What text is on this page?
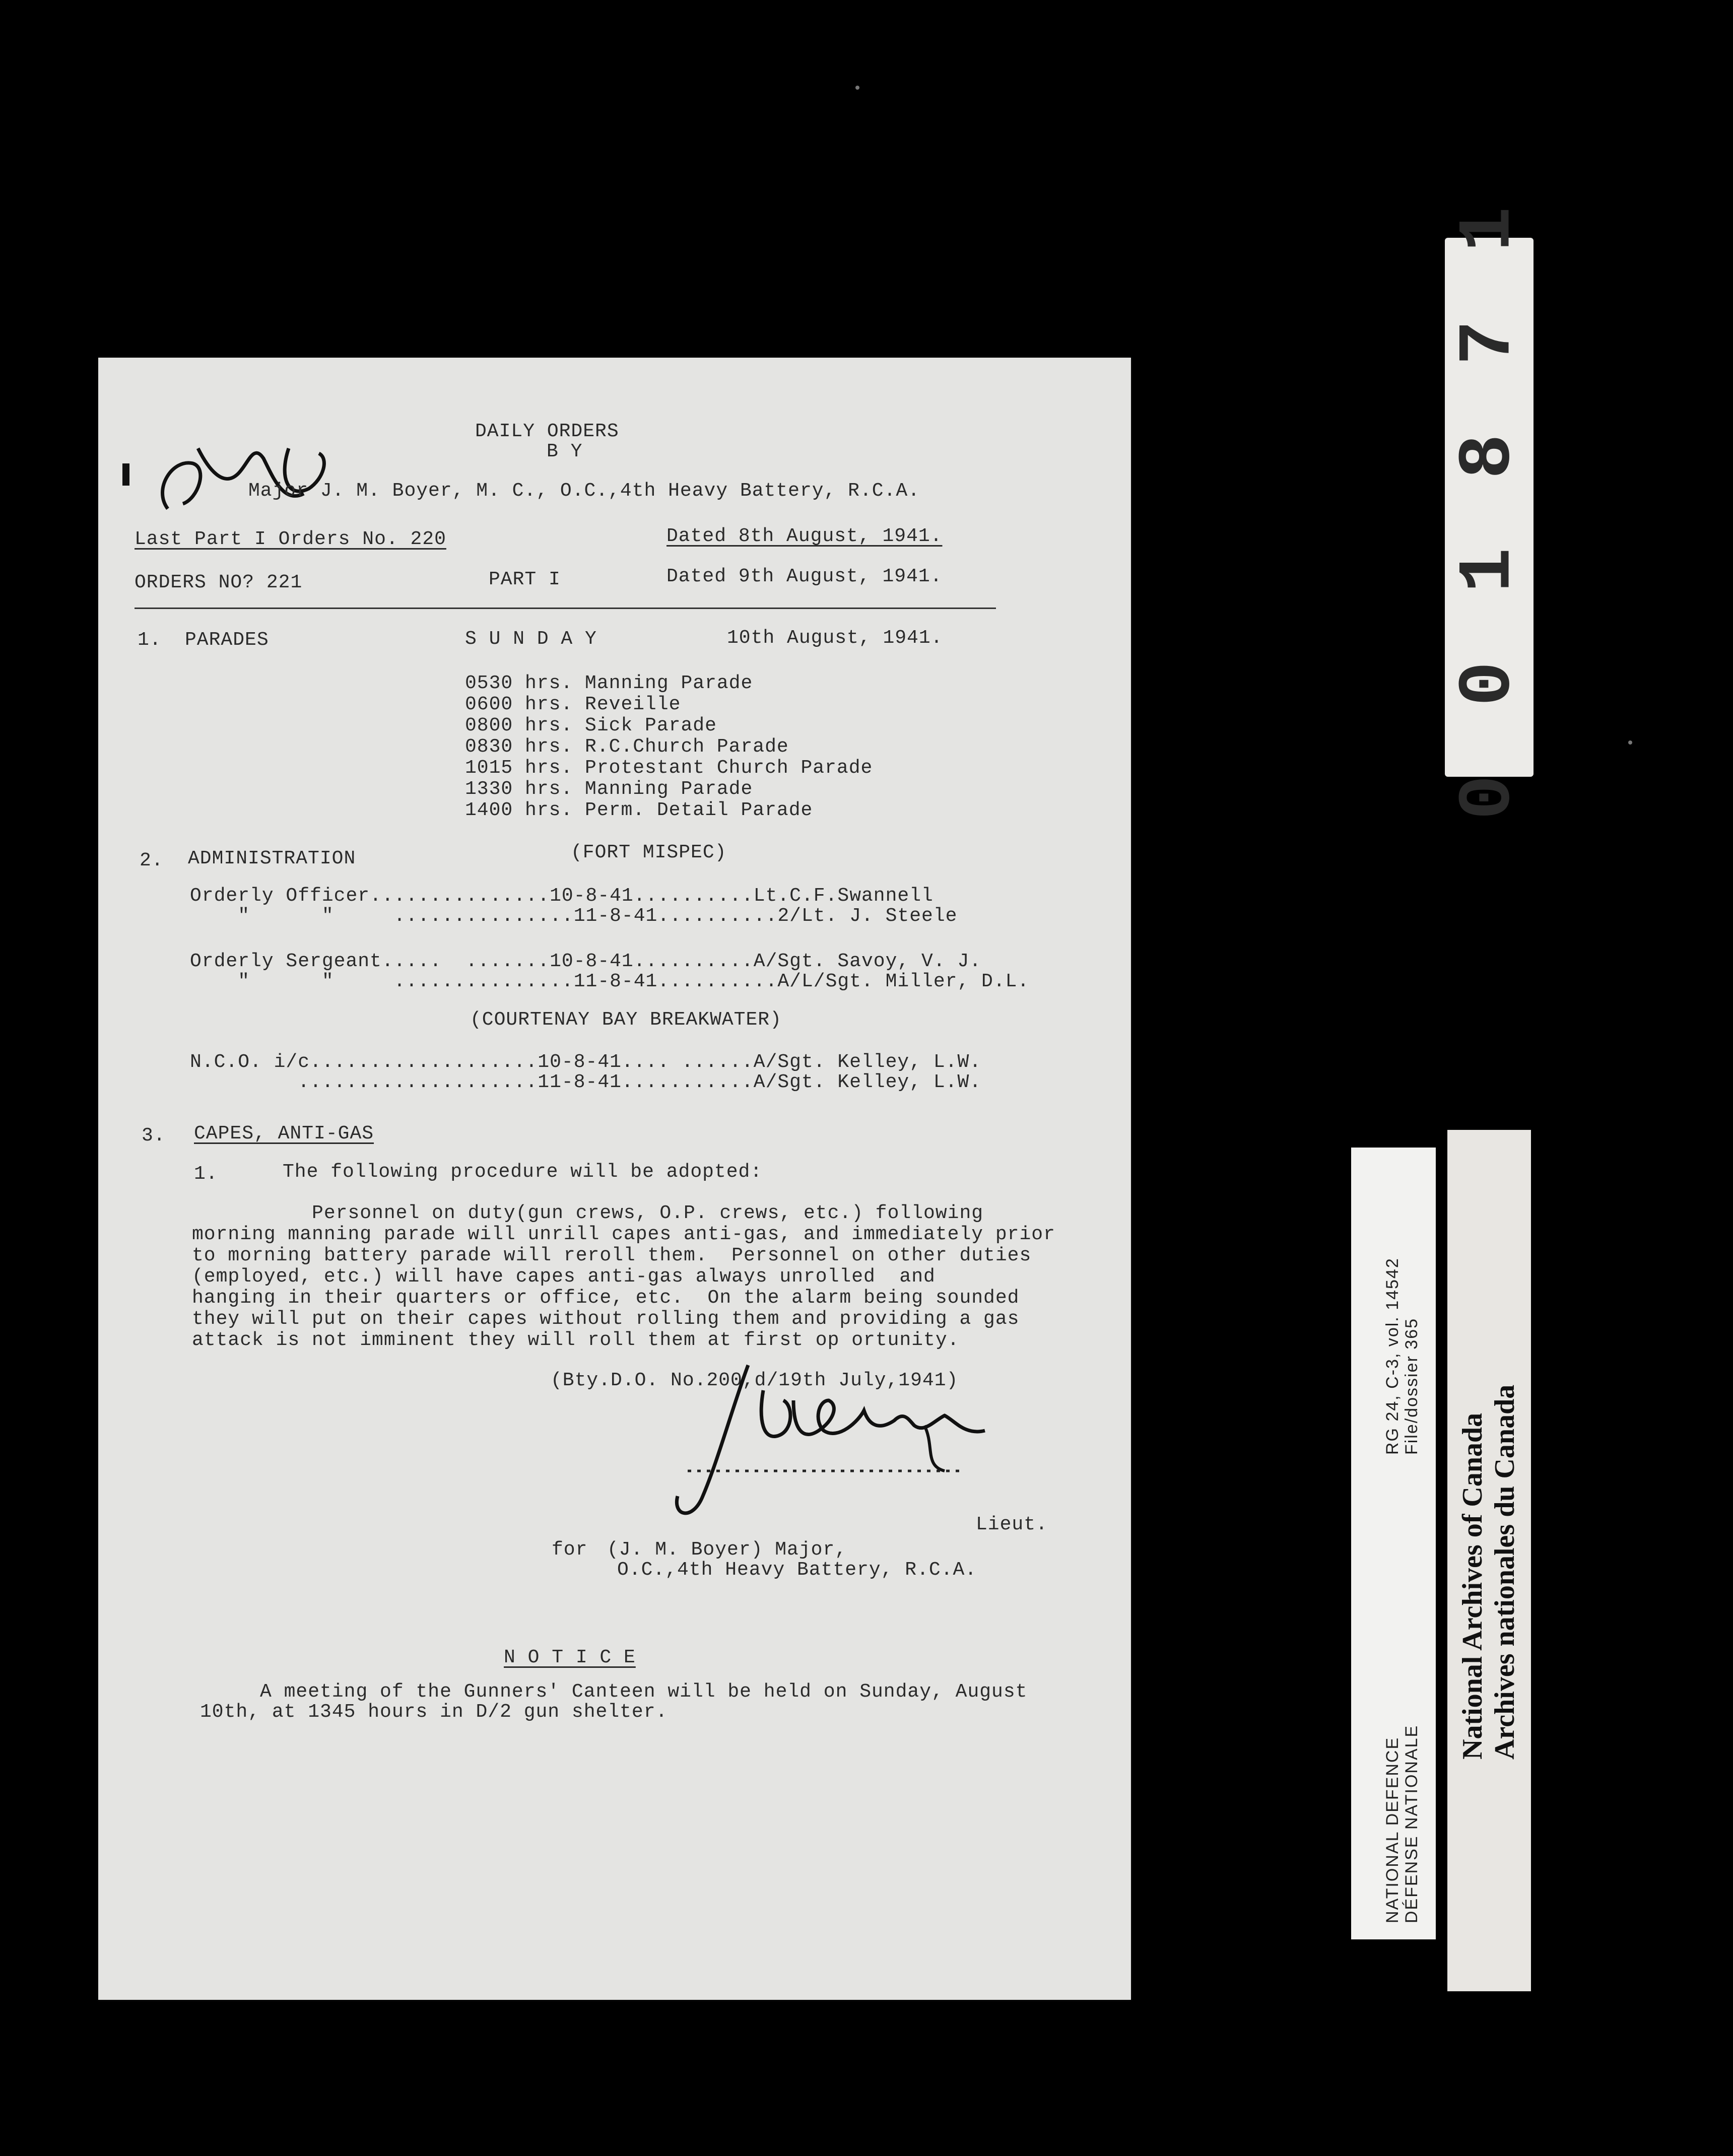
DAILY ORDERS
B Y
Major J. M. Boyer, M. C., O.C.,4th Heavy Battery, R.C.A.
Last Part I Orders No. 220	Dated 8th August, 1941.
ORDERS NO? 221	PART I	Dated 9th August, 1941.
1. PARADES	S U N D A Y	10th August, 1941.
0530 hrs. Manning Parade
0600 hrs. Reveille
0800 hrs. Sick Parade
0830 hrs. R.C.Church Parade
1015 hrs. Protestant Church Parade
1330 hrs. Manning Parade
1400 hrs. Perm. Detail Parade
2. ADMINISTRATION	(FORT MISPEC)
Orderly Officer...............10-8-41..........Lt.C.F.Swannell
"      "     ...............11-8-41..........2/Lt. J. Steele
Orderly Sergeant.....  .......10-8-41..........A/Sgt. Savoy, V. J.
"      "     ...............11-8-41..........A/L/Sgt. Miller, D.L.
(COURTENAY BAY BREAKWATER)
N.C.O. i/c...................10-8-41.... ......A/Sgt. Kelley, L.W.
....................11-8-41...........A/Sgt. Kelley, L.W.
3. CAPES, ANTI-GAS
1.	The following procedure will be adopted:
Personnel on duty(gun crews, O.P. crews, etc.) following
morning manning parade will unrill capes anti-gas, and immediately prior
to morning battery parade will reroll them.  Personnel on other duties
(employed, etc.) will have capes anti-gas always unrolled  and
hanging in their quarters or office, etc.  On the alarm being sounded
they will put on their capes without rolling them and providing a gas
attack is not imminent they will roll them at first op ortunity.
(Bty.D.O. No.200,d/19th July,1941)
Lieut.
for (J. M. Boyer) Major,
O.C.,4th Heavy Battery, R.C.A.
N O T I C E
A meeting of the Gunners' Canteen will be held on Sunday, August
10th, at 1345 hours in D/2 gun shelter.
0 0 1 8 7 1
RG 24, C-3, vol. 14542 File/dossier 365
NATIONAL DEFENCE DÉFENSE NATIONALE
National Archives of Canada Archives nationales du Canada
